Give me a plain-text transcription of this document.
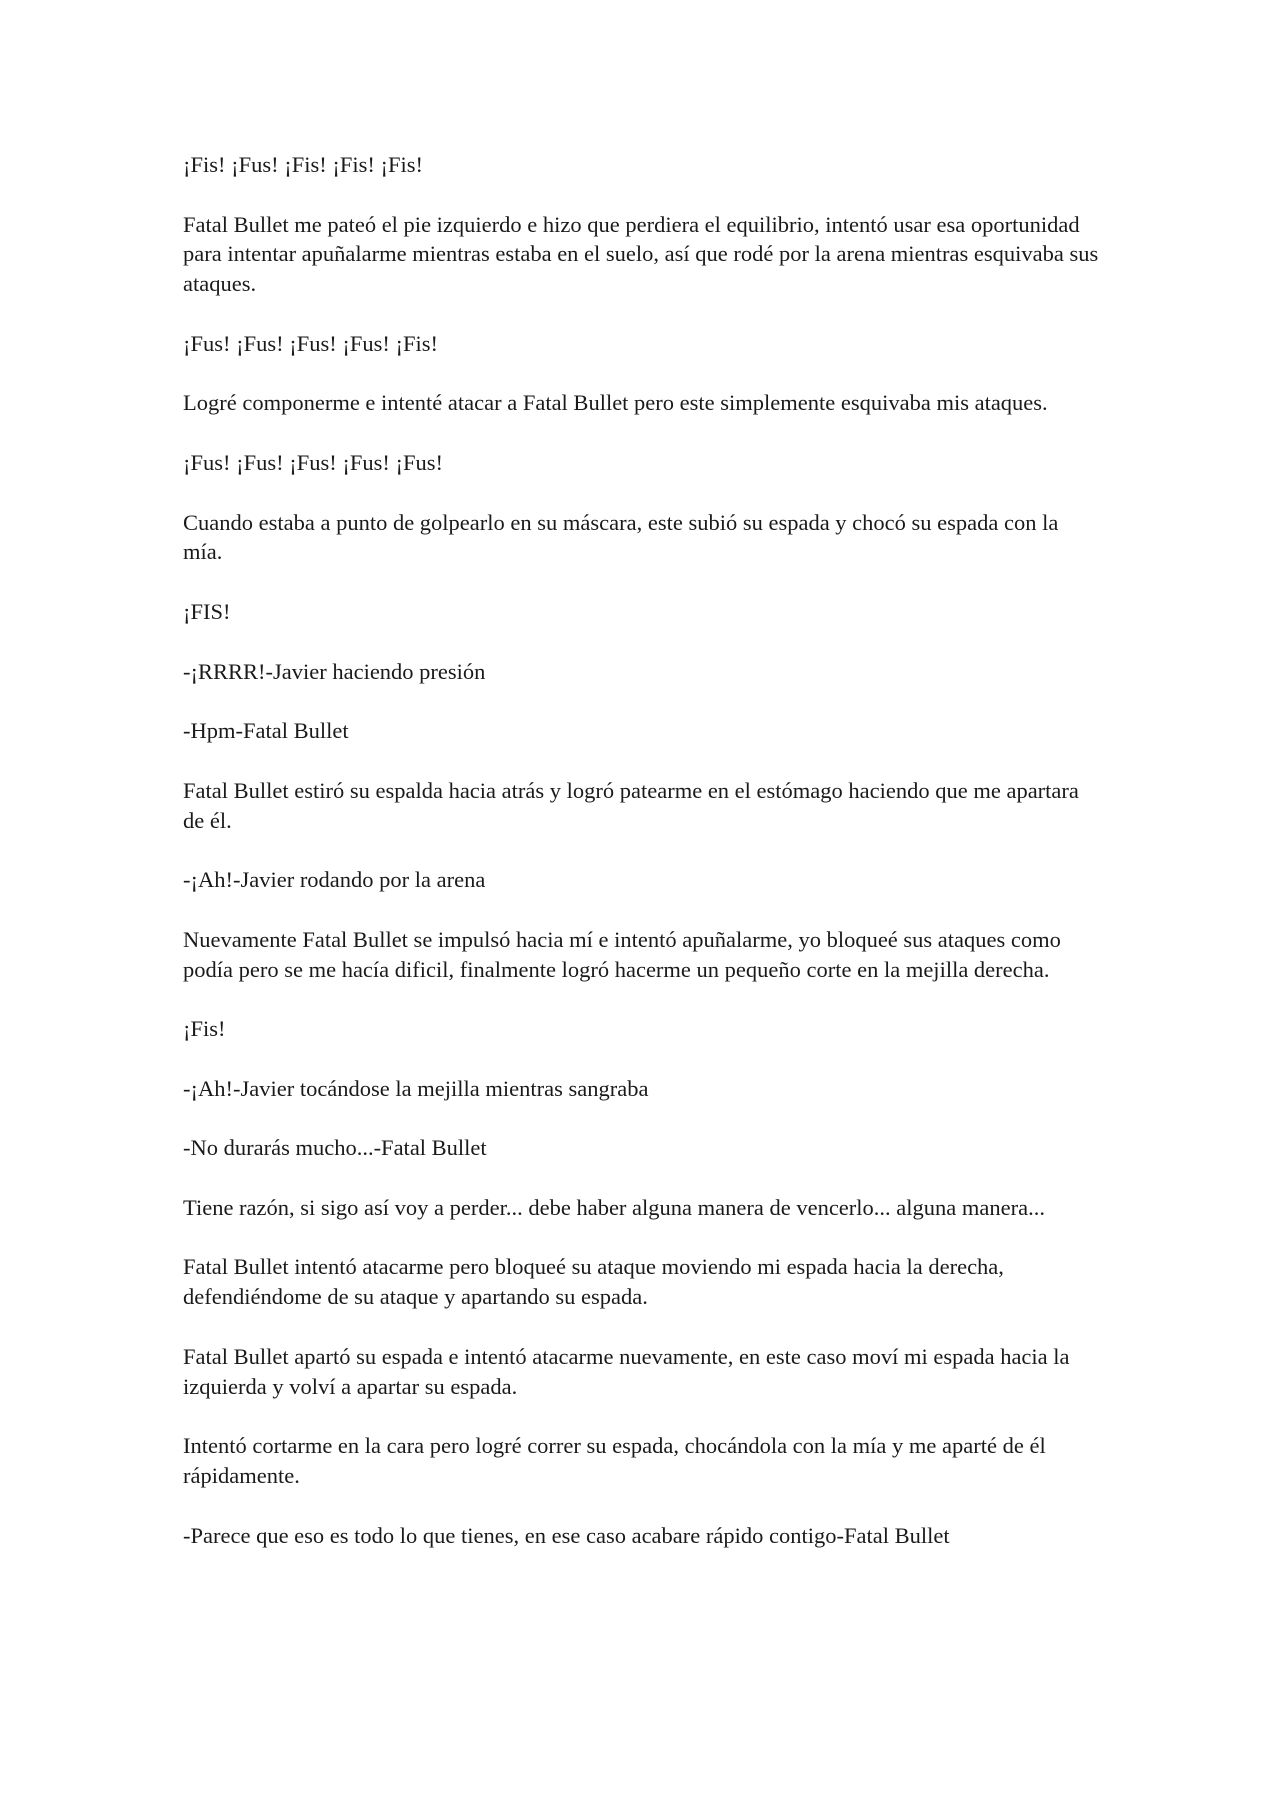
¡Fis! ¡Fus! ¡Fis! ¡Fis! ¡Fis!

Fatal Bullet me pateó el pie izquierdo e hizo que perdiera el equilibrio, intentó usar esa oportunidad para intentar apuñalarme mientras estaba en el suelo, así que rodé por la arena mientras esquivaba sus ataques.

¡Fus! ¡Fus! ¡Fus! ¡Fus! ¡Fis!

Logré componerme e intenté atacar a Fatal Bullet pero este simplemente esquivaba mis ataques.

¡Fus! ¡Fus! ¡Fus! ¡Fus! ¡Fus!

Cuando estaba a punto de golpearlo en su máscara, este subió su espada y chocó su espada con la mía.

¡FIS!

-¡RRRR!-Javier haciendo presión

-Hpm-Fatal Bullet

Fatal Bullet estiró su espalda hacia atrás y logró patearme en el estómago haciendo que me apartara de él.

-¡Ah!-Javier rodando por la arena

Nuevamente Fatal Bullet se impulsó hacia mí e intentó apuñalarme, yo bloqueé sus ataques como podía pero se me hacía dificil, finalmente logró hacerme un pequeño corte en la mejilla derecha.

¡Fis!

-¡Ah!-Javier tocándose la mejilla mientras sangraba

-No durarás mucho...-Fatal Bullet

Tiene razón, si sigo así voy a perder... debe haber alguna manera de vencerlo... alguna manera...

Fatal Bullet intentó atacarme pero bloqueé su ataque moviendo mi espada hacia la derecha, defendiéndome de su ataque y apartando su espada.

Fatal Bullet apartó su espada e intentó atacarme nuevamente, en este caso moví mi espada hacia la izquierda y volví a apartar su espada.

Intentó cortarme en la cara pero logré correr su espada, chocándola con la mía y me aparté de él rápidamente.

-Parece que eso es todo lo que tienes, en ese caso acabare rápido contigo-Fatal Bullet
